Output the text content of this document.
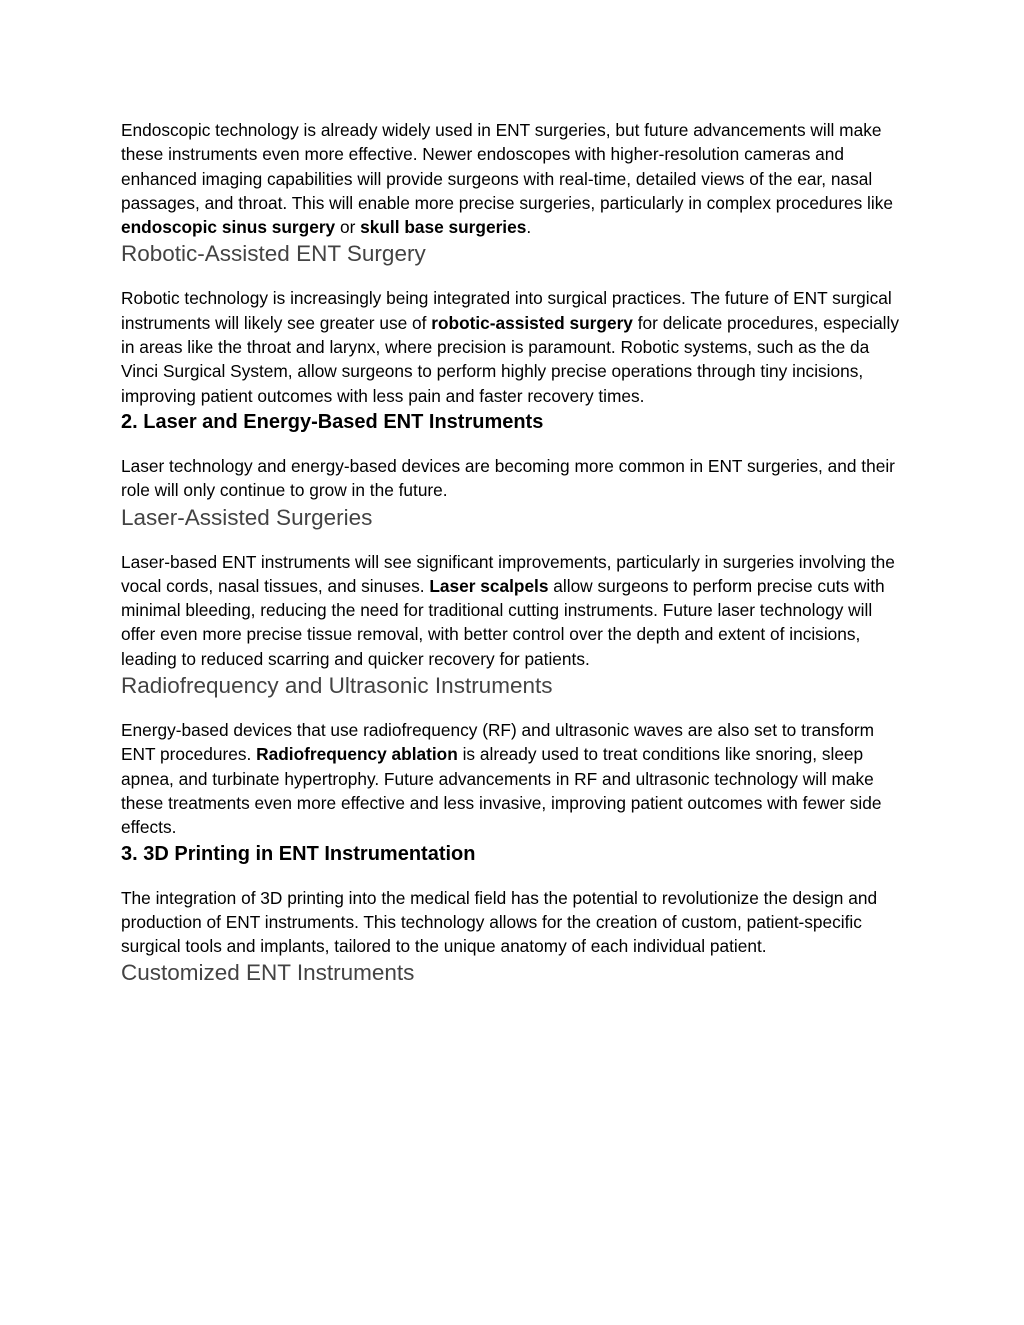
Endoscopic technology is already widely used in ENT surgeries, but future advancements will make these instruments even more effective. Newer endoscopes with higher-resolution cameras and enhanced imaging capabilities will provide surgeons with real-time, detailed views of the ear, nasal passages, and throat. This will enable more precise surgeries, particularly in complex procedures like endoscopic sinus surgery or skull base surgeries.

Robotic-Assisted ENT Surgery

Robotic technology is increasingly being integrated into surgical practices. The future of ENT surgical instruments will likely see greater use of robotic-assisted surgery for delicate procedures, especially in areas like the throat and larynx, where precision is paramount. Robotic systems, such as the da Vinci Surgical System, allow surgeons to perform highly precise operations through tiny incisions, improving patient outcomes with less pain and faster recovery times.

2. Laser and Energy-Based ENT Instruments

Laser technology and energy-based devices are becoming more common in ENT surgeries, and their role will only continue to grow in the future.

Laser-Assisted Surgeries

Laser-based ENT instruments will see significant improvements, particularly in surgeries involving the vocal cords, nasal tissues, and sinuses. Laser scalpels allow surgeons to perform precise cuts with minimal bleeding, reducing the need for traditional cutting instruments. Future laser technology will offer even more precise tissue removal, with better control over the depth and extent of incisions, leading to reduced scarring and quicker recovery for patients.

Radiofrequency and Ultrasonic Instruments

Energy-based devices that use radiofrequency (RF) and ultrasonic waves are also set to transform ENT procedures. Radiofrequency ablation is already used to treat conditions like snoring, sleep apnea, and turbinate hypertrophy. Future advancements in RF and ultrasonic technology will make these treatments even more effective and less invasive, improving patient outcomes with fewer side effects.

3. 3D Printing in ENT Instrumentation

The integration of 3D printing into the medical field has the potential to revolutionize the design and production of ENT instruments. This technology allows for the creation of custom, patient-specific surgical tools and implants, tailored to the unique anatomy of each individual patient.

Customized ENT Instruments
